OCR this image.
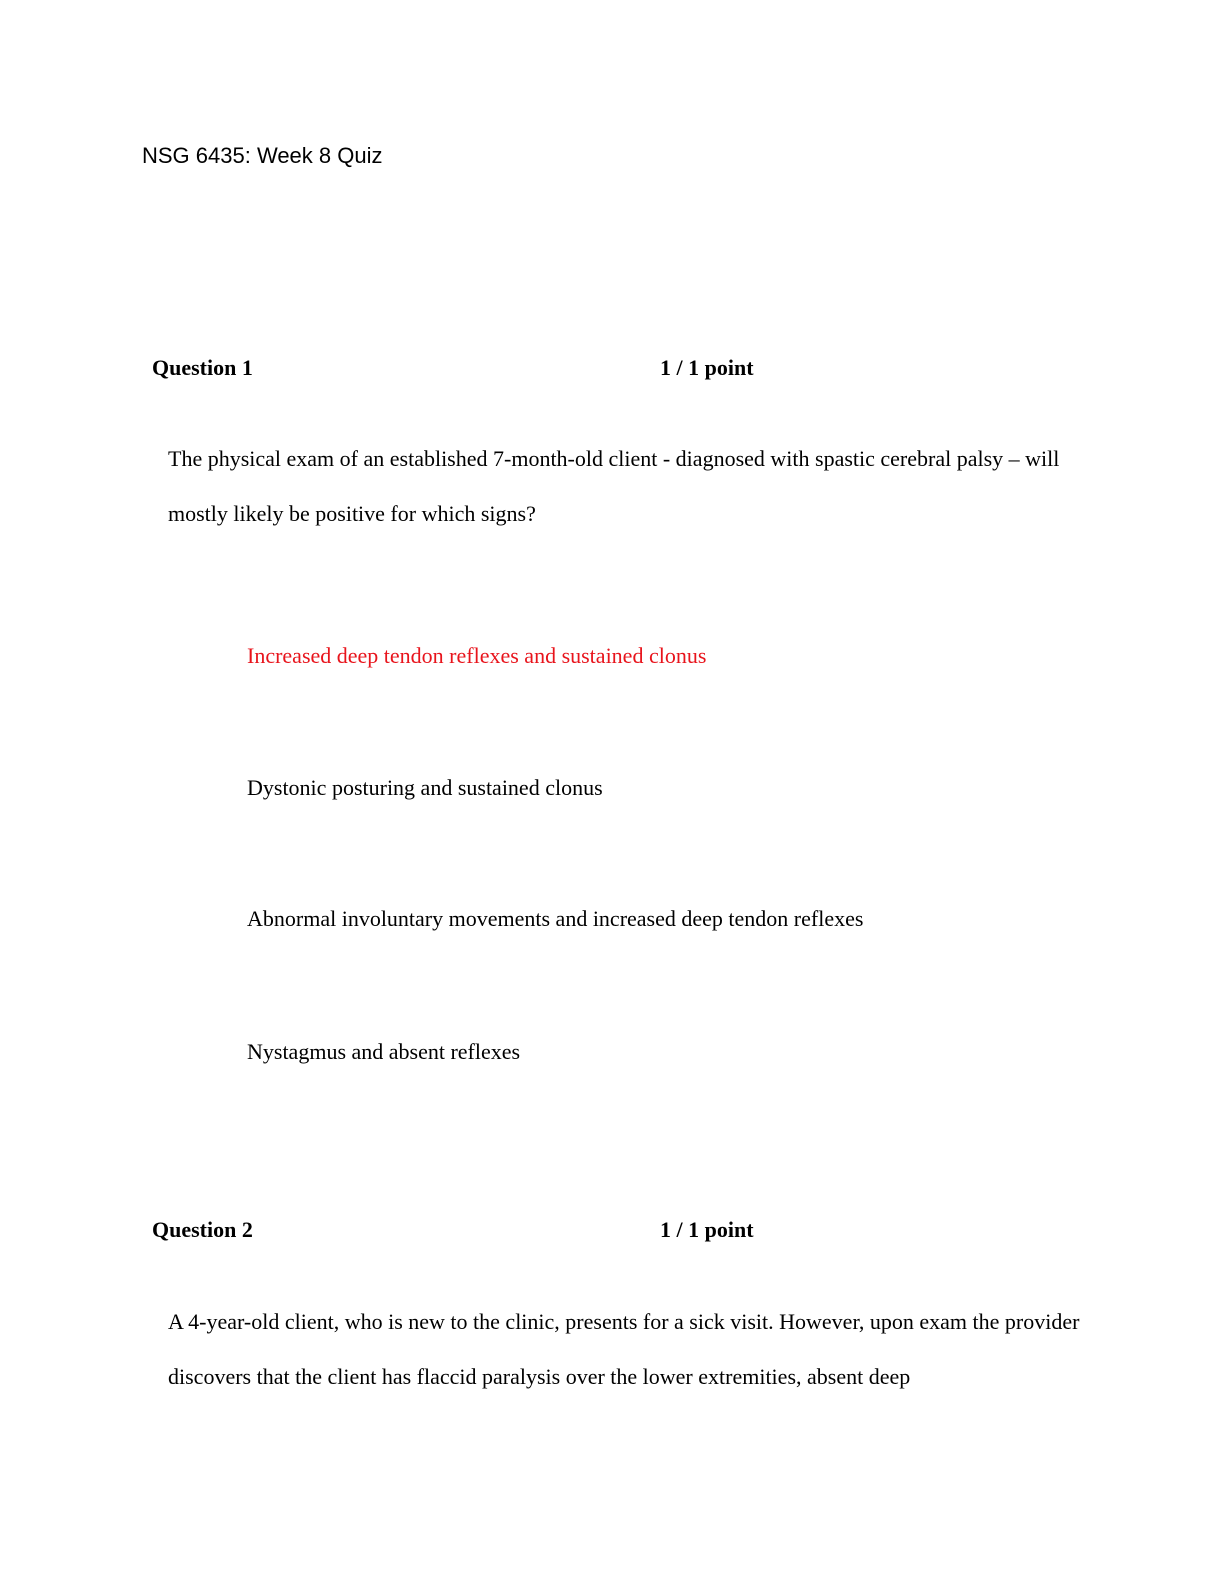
NSG 6435: Week 8 Quiz
Question 1	1 / 1 point

The physical exam of an established 7-month-old client - diagnosed with spastic cerebral palsy – will mostly likely be positive for which signs?

Increased deep tendon reflexes and sustained clonus
Dystonic posturing and sustained clonus
Abnormal involuntary movements and increased deep tendon reflexes
Nystagmus and absent reflexes
Question 2	1 / 1 point

A 4-year-old client, who is new to the clinic, presents for a sick visit. However, upon exam the provider discovers that the client has flaccid paralysis over the lower extremities, absent deep
